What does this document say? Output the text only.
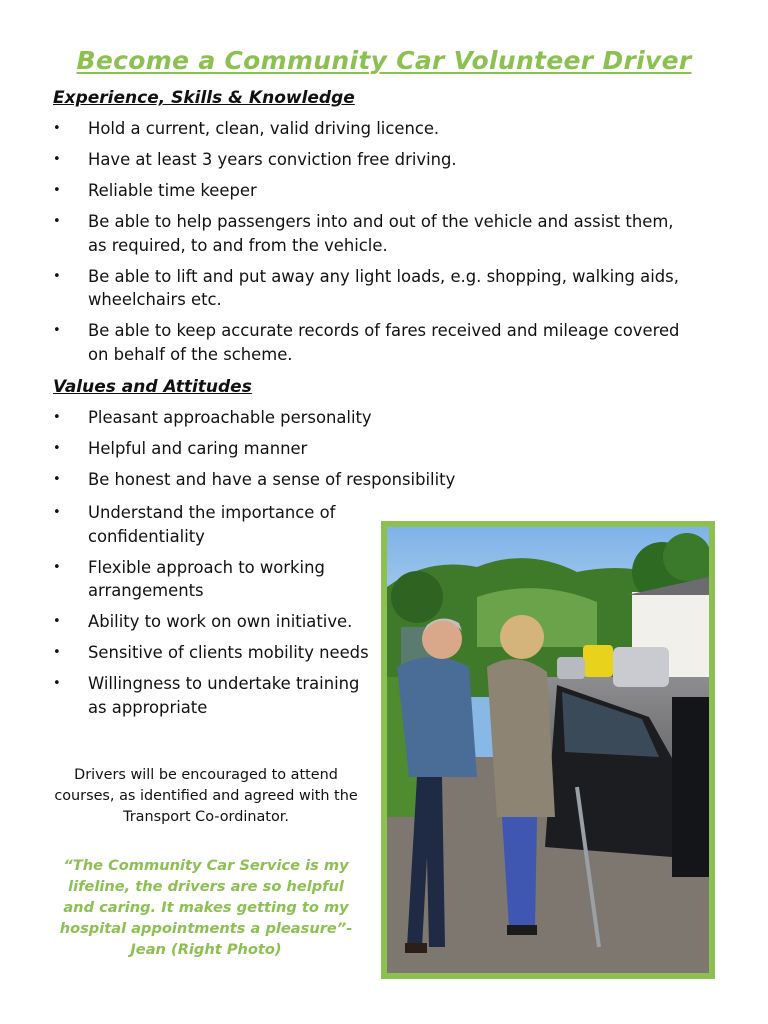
Become a Community Car Volunteer Driver
Experience, Skills & Knowledge
• Hold a current, clean, valid driving licence.
• Have at least 3 years conviction free driving.
• Reliable time keeper
• Be able to help passengers into and out of the vehicle and assist them, as required, to and from the vehicle.
• Be able to lift and put away any light loads, e.g. shopping, walking aids, wheelchairs etc.
• Be able to keep accurate records of fares received and mileage covered on behalf of the scheme.
Values and Attitudes
• Pleasant approachable personality
• Helpful and caring manner
• Be honest and have a sense of responsibility
• Understand the importance of confidentiality
• Flexible approach to working arrangements
• Ability to work on own initiative.
• Sensitive of clients mobility needs
• Willingness to undertake training as appropriate
Drivers will be encouraged to attend courses, as identified and agreed with the Transport Co-ordinator.
“The Community Car Service is my lifeline, the drivers are so helpful and caring. It makes getting to my hospital appointments a pleasure”- Jean (Right Photo)
